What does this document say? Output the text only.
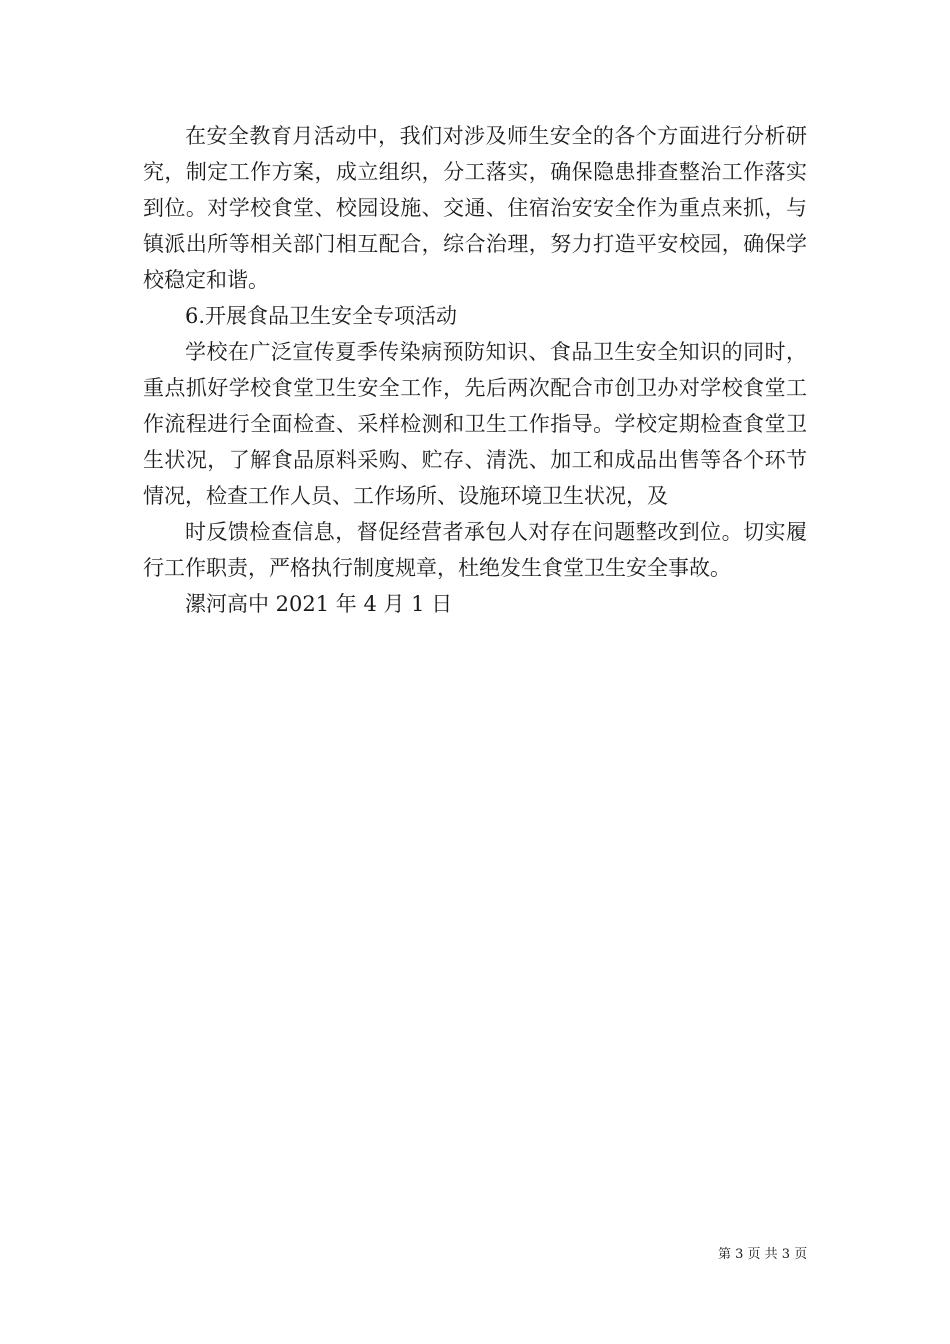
在安全教育月活动中，我们对涉及师生安全的各个方面进行分析研究，制定工作方案，成立组织，分工落实，确保隐患排查整治工作落实到位。对学校食堂、校园设施、交通、住宿治安安全作为重点来抓，与镇派出所等相关部门相互配合，综合治理，努力打造平安校园，确保学校稳定和谐。

6.开展食品卫生安全专项活动

学校在广泛宣传夏季传染病预防知识、食品卫生安全知识的同时，重点抓好学校食堂卫生安全工作，先后两次配合市创卫办对学校食堂工作流程进行全面检查、采样检测和卫生工作指导。学校定期检查食堂卫生状况，了解食品原料采购、贮存、清洗、加工和成品出售等各个环节情况，检查工作人员、工作场所、设施环境卫生状况，及

时反馈检查信息，督促经营者承包人对存在问题整改到位。切实履行工作职责，严格执行制度规章，杜绝发生食堂卫生安全事故。

漯河高中 2021 年 4 月 1 日

第 3 页 共 3 页
